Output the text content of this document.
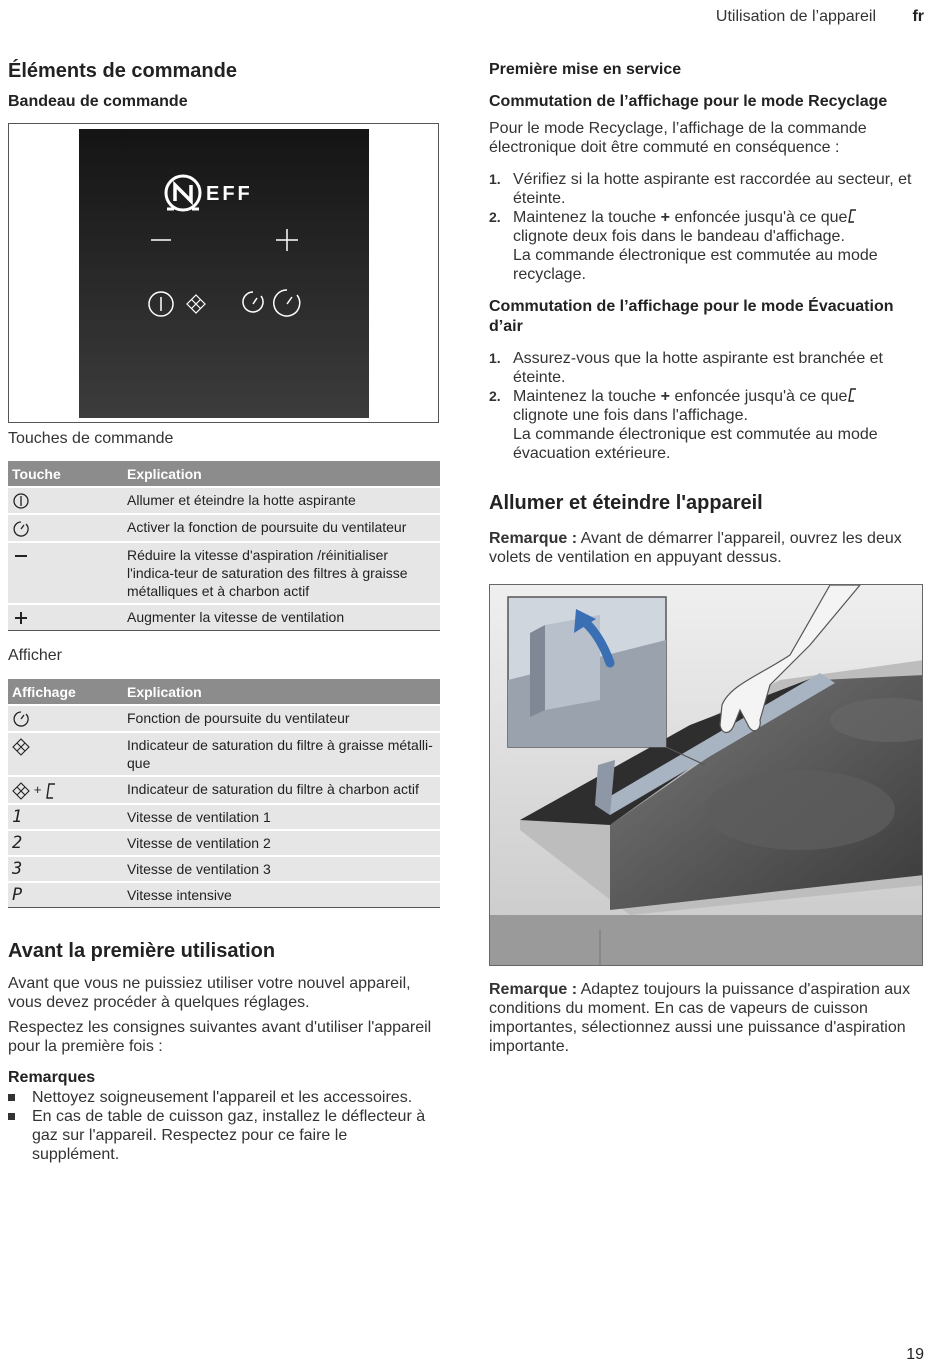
Utilisation de l’appareil fr
Éléments de commande
Bandeau de commande
EFF
Touches de commande
Touche	Explication
	Allumer et éteindre la hotte aspirante
	Activer la fonction de poursuite du ventilateur
	Réduire la vitesse d'aspiration /réinitialiser l'indica-teur de saturation des filtres à graisse métalliques et à charbon actif
	Augmenter la vitesse de ventilation
Afficher
Affichage	Explication
	Fonction de poursuite du ventilateur
	Indicateur de saturation du filtre à graisse métalli-que
+	Indicateur de saturation du filtre à charbon actif
1	Vitesse de ventilation 1
2	Vitesse de ventilation 2
3	Vitesse de ventilation 3
P	Vitesse intensive
Avant la première utilisation
Avant que vous ne puissiez utiliser votre nouvel appareil, vous devez procéder à quelques réglages.
Respectez les consignes suivantes avant d'utiliser l'appareil pour la première fois :
Remarques
Nettoyez soigneusement l'appareil et les accessoires.
En cas de table de cuisson gaz, installez le déflecteur à gaz sur l'appareil. Respectez pour ce faire le supplément.
Première mise en service
Commutation de l’affichage pour le mode Recyclage
Pour le mode Recyclage, l’affichage de la commande électronique doit être commuté en conséquence :
1. Vérifiez si la hotte aspirante est raccordée au secteur, et éteinte.
2. Maintenez la touche + enfoncée jusqu'à ce que
clignote deux fois dans le bandeau d'affichage.
La commande électronique est commutée au mode recyclage.
Commutation de l’affichage pour le mode Évacuation d’air
1. Assurez-vous que la hotte aspirante est branchée et éteinte.
2. Maintenez la touche + enfoncée jusqu'à ce que
clignote une fois dans l'affichage.
La commande électronique est commutée au mode évacuation extérieure.
Allumer et éteindre l'appareil
Remarque : Avant de démarrer l'appareil, ouvrez les deux volets de ventilation en appuyant dessus.
Remarque : Adaptez toujours la puissance d'aspiration aux conditions du moment. En cas de vapeurs de cuisson importantes, sélectionnez aussi une puissance d'aspiration importante.
19
